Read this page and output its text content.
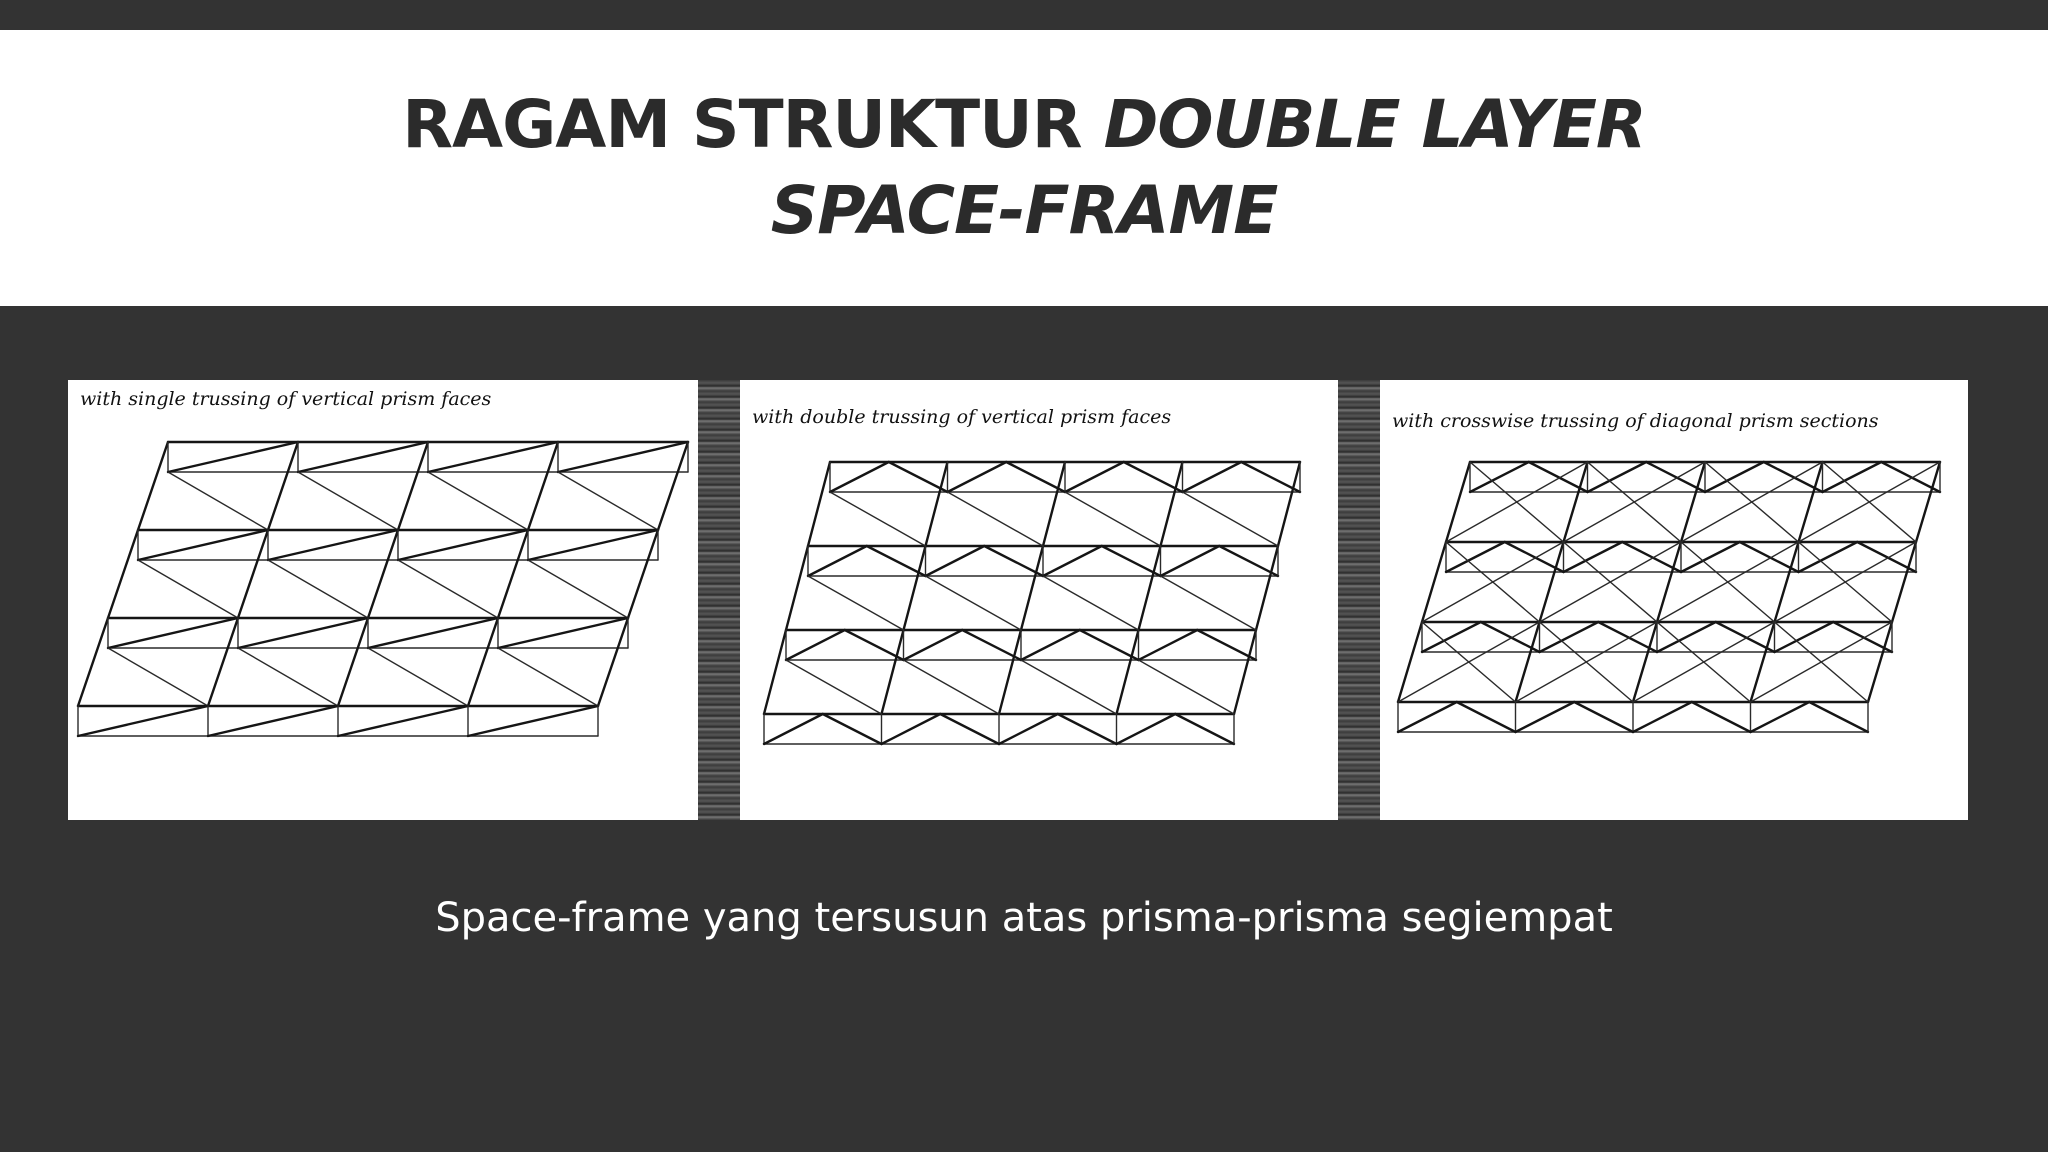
RAGAM STRUKTUR DOUBLE LAYER
SPACE-FRAME
with single trussing of vertical prism faces
with double trussing of vertical prism faces	with crosswise trussing of diagonal prism sections
Space-frame yang tersusun atas prisma-prisma segiempat
